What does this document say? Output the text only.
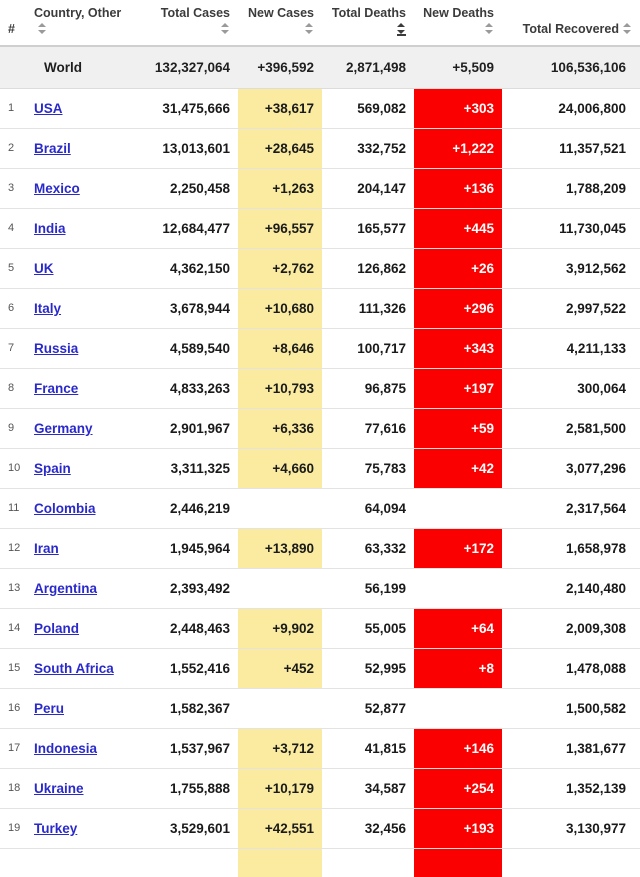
#	Country, Other	Total Cases	New Cases	Total Deaths	New Deaths	Total Recovered

	World	132,327,064	+396,592	2,871,498	+5,509	106,536,106
1	USA	31,475,666	+38,617	569,082	+303	24,006,800
2	Brazil	13,013,601	+28,645	332,752	+1,222	11,357,521
3	Mexico	2,250,458	+1,263	204,147	+136	1,788,209
4	India	12,684,477	+96,557	165,577	+445	11,730,045
5	UK	4,362,150	+2,762	126,862	+26	3,912,562
6	Italy	3,678,944	+10,680	111,326	+296	2,997,522
7	Russia	4,589,540	+8,646	100,717	+343	4,211,133
8	France	4,833,263	+10,793	96,875	+197	300,064
9	Germany	2,901,967	+6,336	77,616	+59	2,581,500
10	Spain	3,311,325	+4,660	75,783	+42	3,077,296
11	Colombia	2,446,219		64,094		2,317,564
12	Iran	1,945,964	+13,890	63,332	+172	1,658,978
13	Argentina	2,393,492		56,199		2,140,480
14	Poland	2,448,463	+9,902	55,005	+64	2,009,308
15	South Africa	1,552,416	+452	52,995	+8	1,478,088
16	Peru	1,582,367		52,877		1,500,582
17	Indonesia	1,537,967	+3,712	41,815	+146	1,381,677
18	Ukraine	1,755,888	+10,179	34,587	+254	1,352,139
19	Turkey	3,529,601	+42,551	32,456	+193	3,130,977
